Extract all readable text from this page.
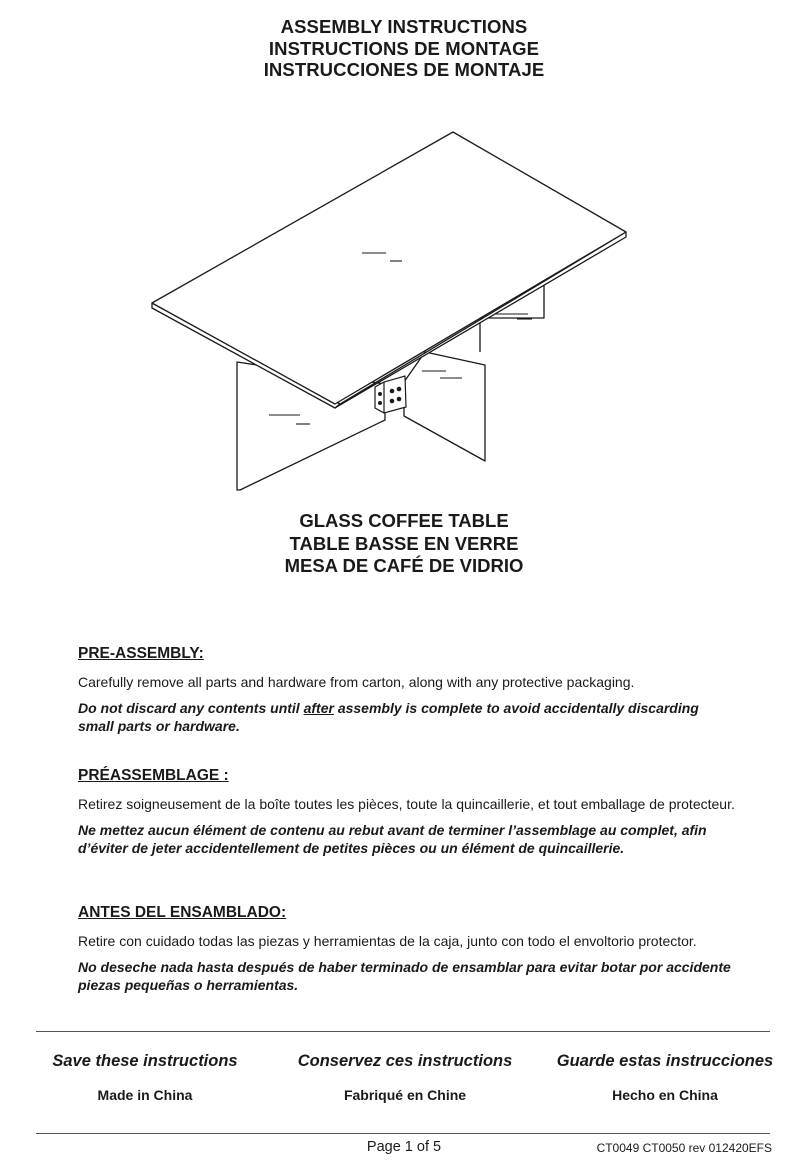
ASSEMBLY INSTRUCTIONS
INSTRUCTIONS DE MONTAGE
INSTRUCCIONES DE MONTAJE
GLASS COFFEE TABLE
TABLE BASSE EN VERRE
MESA DE CAFÉ DE VIDRIO

PRE-ASSEMBLY:

Carefully remove all parts and hardware from carton, along with any protective packaging.

Do not discard any contents until after assembly is complete to avoid accidentally discarding small parts or hardware.

PRÉASSEMBLAGE :

Retirez soigneusement de la boîte toutes les pièces, toute la quincaillerie, et tout emballage de protecteur.

Ne mettez aucun élément de contenu au rebut avant de terminer l’assemblage au complet, afin d’éviter de jeter accidentellement de petites pièces ou un élément de quincaillerie.

ANTES DEL ENSAMBLADO:

Retire con cuidado todas las piezas y herramientas de la caja, junto con todo el envoltorio protector.

No deseche nada hasta después de haber terminado de ensamblar para evitar botar por accidente piezas pequeñas o herramientas.

Save these instructions

Made in China

Conservez ces instructions

Fabriqué en Chine

Guarde estas instrucciones

Hecho en China

Page 1 of 5	CT0049 CT0050 rev 012420EFS
